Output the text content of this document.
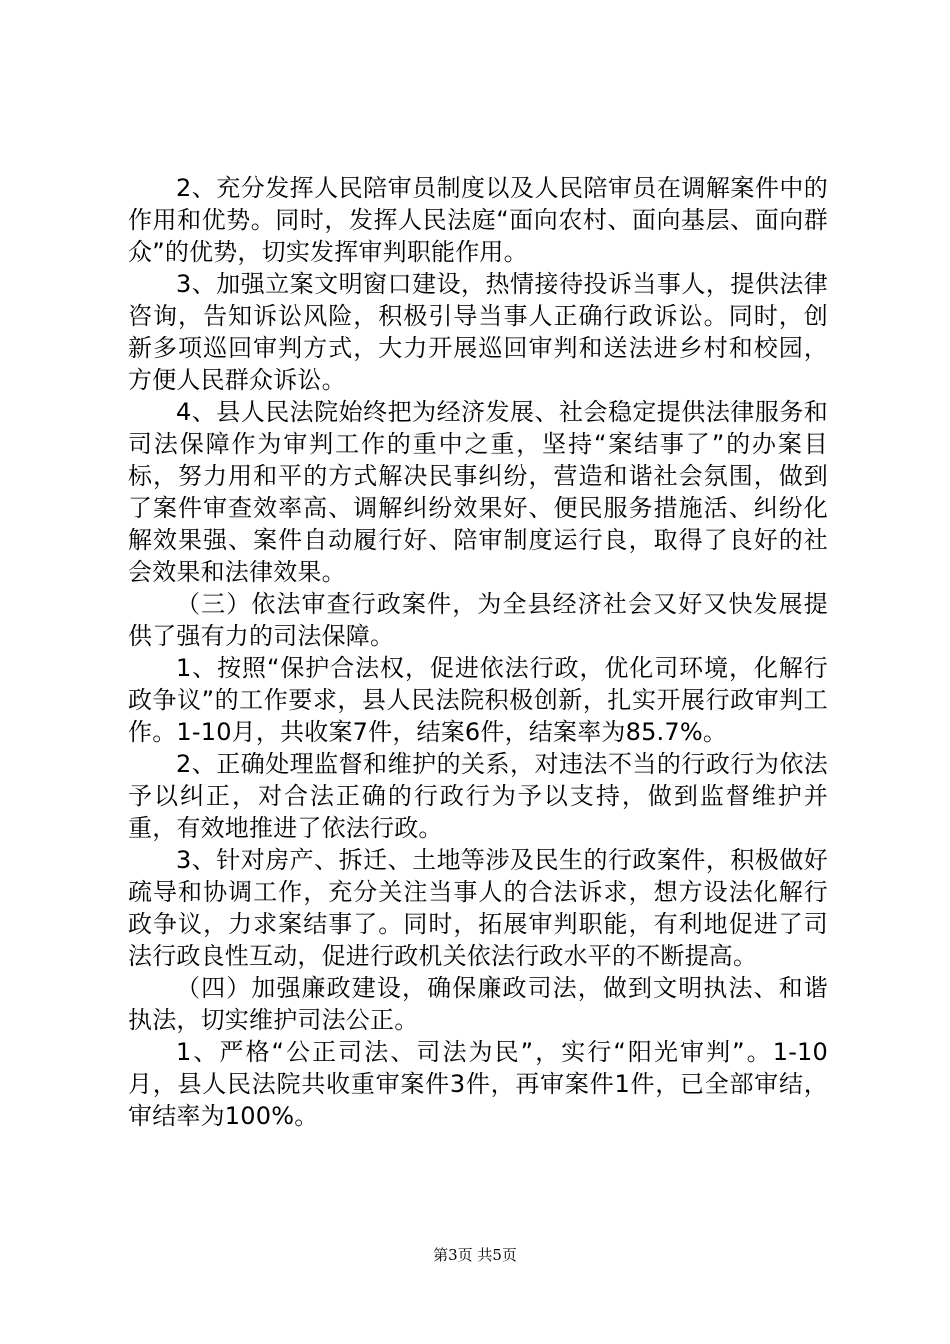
2、充分发挥人民陪审员制度以及人民陪审员在调解案件中的作用和优势。同时，发挥人民法庭“面向农村、面向基层、面向群众”的优势，切实发挥审判职能作用。

3、加强立案文明窗口建设，热情接待投诉当事人，提供法律咨询，告知诉讼风险，积极引导当事人正确行政诉讼。同时，创新多项巡回审判方式，大力开展巡回审判和送法进乡村和校园，方便人民群众诉讼。

4、县人民法院始终把为经济发展、社会稳定提供法律服务和司法保障作为审判工作的重中之重，坚持“案结事了”的办案目标，努力用和平的方式解决民事纠纷，营造和谐社会氛围，做到了案件审查效率高、调解纠纷效果好、便民服务措施活、纠纷化解效果强、案件自动履行好、陪审制度运行良，取得了良好的社会效果和法律效果。

（三）依法审查行政案件，为全县经济社会又好又快发展提供了强有力的司法保障。

1、按照“保护合法权，促进依法行政，优化司环境，化解行政争议”的工作要求，县人民法院积极创新，扎实开展行政审判工作。1-10月，共收案7件，结案6件，结案率为85.7%。

2、正确处理监督和维护的关系，对违法不当的行政行为依法予以纠正，对合法正确的行政行为予以支持，做到监督维护并重，有效地推进了依法行政。

3、针对房产、拆迁、土地等涉及民生的行政案件，积极做好疏导和协调工作，充分关注当事人的合法诉求，想方设法化解行政争议，力求案结事了。同时，拓展审判职能，有利地促进了司法行政良性互动，促进行政机关依法行政水平的不断提高。

（四）加强廉政建设，确保廉政司法，做到文明执法、和谐执法，切实维护司法公正。

1、严格“公正司法、司法为民”，实行“阳光审判”。1-10月，县人民法院共收重审案件3件，再审案件1件，已全部审结，审结率为100%。

第3页 共5页
